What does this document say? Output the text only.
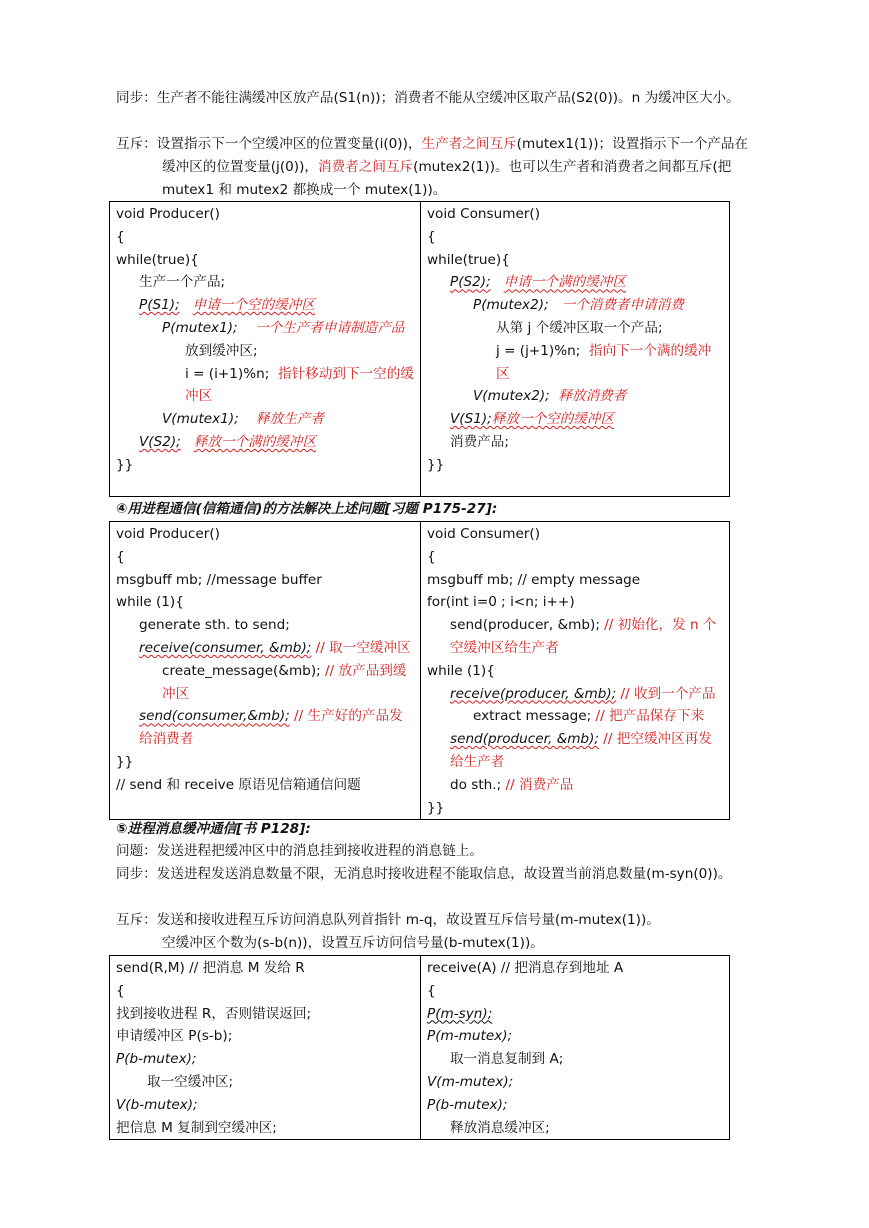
同步：生产者不能往满缓冲区放产品(S1(n))；消费者不能从空缓冲区取产品(S2(0))。n 为缓冲区大小。
互斥：设置指示下一个空缓冲区的位置变量(i(0))，生产者之间互斥(mutex1(1))；设置指示下一个产品在缓冲区的位置变量(j(0))，消费者之间互斥(mutex2(1))。也可以生产者和消费者之间都互斥(把 mutex1 和 mutex2 都换成一个 mutex(1))。
void Producer()
{
while(true){
生产一个产品;
P(S1); 申请一个空的缓冲区
P(mutex1); 一个生产者申请制造产品
放到缓冲区;
i = (i+1)%n; 指针移动到下一空的缓冲区
V(mutex1); 释放生产者
V(S2); 释放一个满的缓冲区
}}

void Consumer()
{
while(true){
P(S2); 申请一个满的缓冲区
P(mutex2); 一个消费者申请消费
从第 j 个缓冲区取一个产品;
j = (j+1)%n; 指向下一个满的缓冲区
V(mutex2); 释放消费者
V(S1);释放一个空的缓冲区
消费产品;
}}
④用进程通信(信箱通信)的方法解决上述问题[习题 P175-27]:
void Producer()
{
msgbuff mb; //message buffer
while (1){
generate sth. to send;
receive(consumer, &mb); // 取一空缓冲区
create_message(&mb); // 放产品到缓冲区
send(consumer,&mb); // 生产好的产品发给消费者
}}
// send 和 receive 原语见信箱通信问题

void Consumer()
{
msgbuff mb; // empty message
for(int i=0 ; i<n; i++)
send(producer, &mb); // 初始化，发 n 个空缓冲区给生产者
while (1){
receive(producer, &mb); // 收到一个产品
extract message; // 把产品保存下来
send(producer, &mb); // 把空缓冲区再发给生产者
do sth.; // 消费产品
}}
⑤进程消息缓冲通信[书 P128]:
问题：发送进程把缓冲区中的消息挂到接收进程的消息链上。
同步：发送进程发送消息数量不限，无消息时接收进程不能取信息，故设置当前消息数量(m-syn(0))。
互斥：发送和接收进程互斥访问消息队列首指针 m-q，故设置互斥信号量(m-mutex(1))。
空缓冲区个数为(s-b(n))，设置互斥访问信号量(b-mutex(1))。
send(R,M) // 把消息 M 发给 R
{
找到接收进程 R，否则错误返回;
申请缓冲区 P(s-b);
P(b-mutex);
取一空缓冲区;
V(b-mutex);
把信息 M 复制到空缓冲区;

receive(A) // 把消息存到地址 A
{
P(m-syn);
P(m-mutex);
取一消息复制到 A;
V(m-mutex);
P(b-mutex);
释放消息缓冲区;
